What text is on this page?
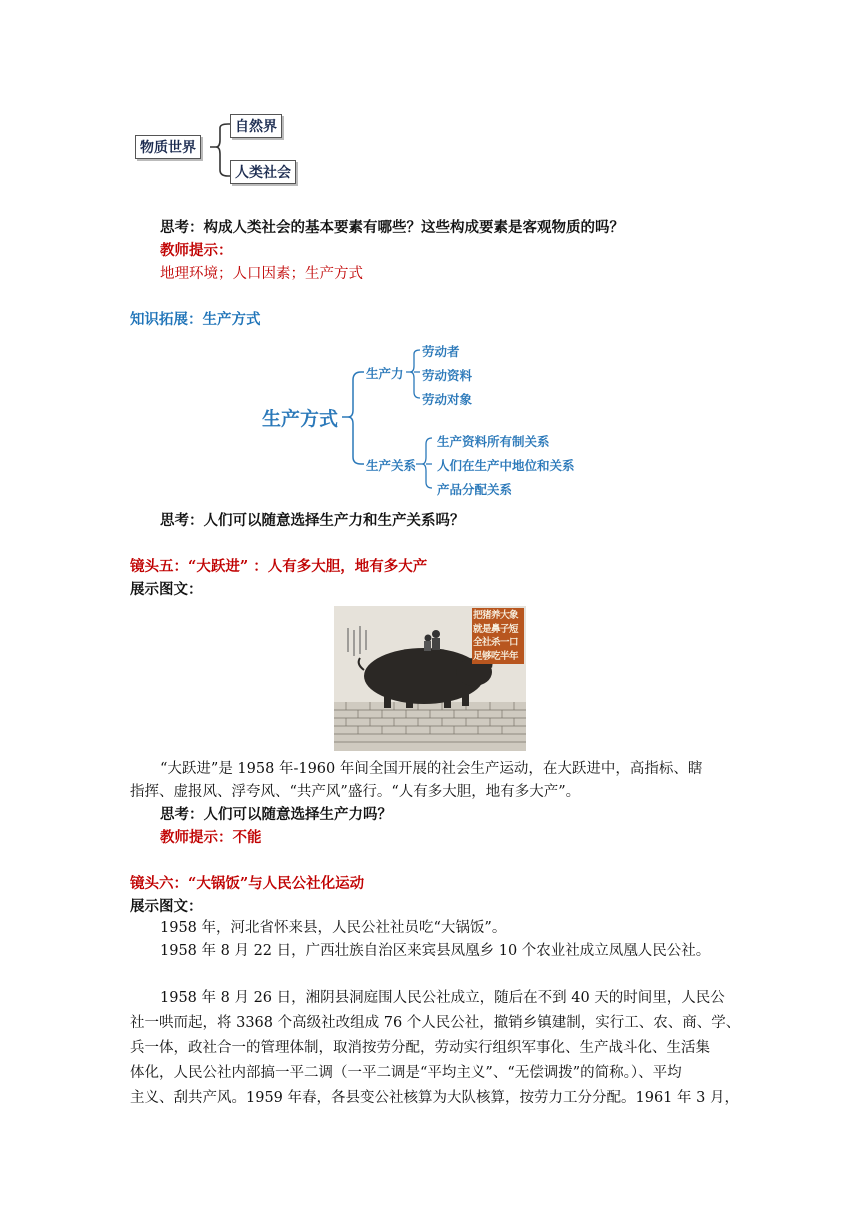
物质世界
自然界
人类社会
思考：构成人类社会的基本要素有哪些？这些构成要素是客观物质的吗？
教师提示：
地理环境；人口因素；生产方式
知识拓展：生产方式
生产方式
生产力
劳动者
劳动资料
劳动对象
生产关系
生产资料所有制关系
人们在生产中地位和关系
产品分配关系
思考：人们可以随意选择生产力和生产关系吗？
镜头五：“大跃进” ：人有多大胆，地有多大产
展示图文：
把猪养大象
就是鼻子短
全社杀一口
足够吃半年
“大跃进”是 1958 年-1960 年间全国开展的社会生产运动，在大跃进中，高指标、瞎
指挥、虚报风、浮夸风、“共产风”盛行。“人有多大胆，地有多大产”。
思考：人们可以随意选择生产力吗？
教师提示：不能
镜头六：“大锅饭”与人民公社化运动
展示图文：
1958 年，河北省怀来县，人民公社社员吃“大锅饭”。
1958 年 8 月 22 日，广西壮族自治区来宾县凤凰乡 10 个农业社成立凤凰人民公社。
1958 年 8 月 26 日，湘阴县洞庭围人民公社成立，随后在不到 40 天的时间里，人民公
社一哄而起，将 3368 个高级社改组成 76 个人民公社，撤销乡镇建制，实行工、农、商、学、
兵一体，政社合一的管理体制，取消按劳分配，劳动实行组织军事化、生产战斗化、生活集
体化，人民公社内部搞一平二调（一平二调是“平均主义”、“无偿调拨”的简称。）、平均
主义、刮共产风。1959 年春，各县变公社核算为大队核算，按劳力工分分配。1961 年 3 月，
